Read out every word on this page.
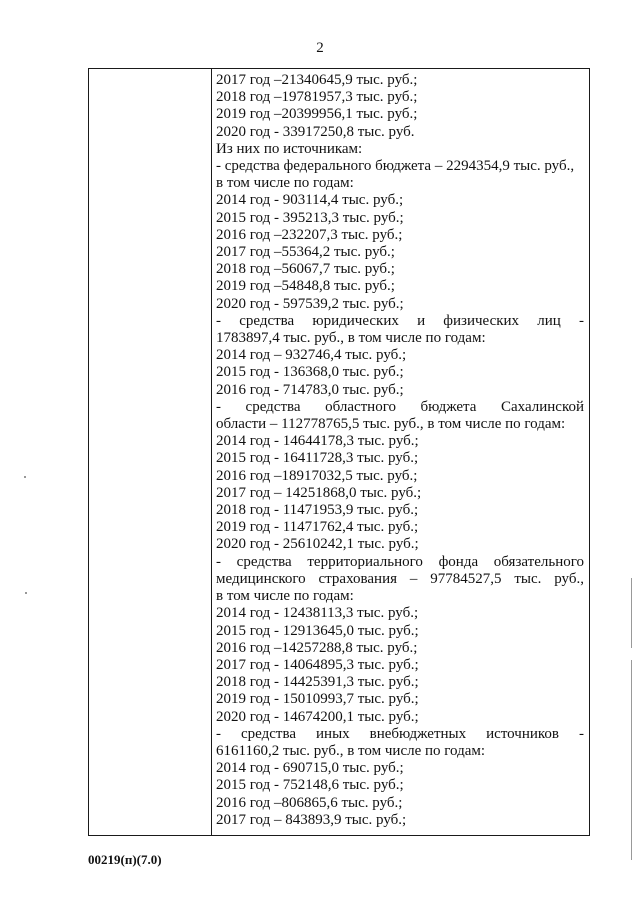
2
2017 год –21340645,9 тыс. руб.;
2018 год –19781957,3 тыс. руб.;
2019 год –20399956,1 тыс. руб.;
2020 год - 33917250,8 тыс. руб.
Из них по источникам:
- средства федерального бюджета – 2294354,9 тыс. руб.,
в том числе по годам:
2014 год - 903114,4 тыс. руб.;
2015 год - 395213,3 тыс. руб.;
2016 год –232207,3 тыс. руб.;
2017 год –55364,2 тыс. руб.;
2018 год –56067,7 тыс. руб.;
2019 год –54848,8 тыс. руб.;
2020 год - 597539,2 тыс. руб.;
- средства юридических и физических лиц -
1783897,4 тыс. руб., в том числе по годам:
2014 год – 932746,4 тыс. руб.;
2015 год - 136368,0 тыс. руб.;
2016 год - 714783,0 тыс. руб.;
- средства областного бюджета Сахалинской
области – 112778765,5 тыс. руб., в том числе по годам:
2014 год - 14644178,3 тыс. руб.;
2015 год - 16411728,3 тыс. руб.;
2016 год –18917032,5 тыс. руб.;
2017 год – 14251868,0 тыс. руб.;
2018 год - 11471953,9 тыс. руб.;
2019 год - 11471762,4 тыс. руб.;
2020 год - 25610242,1 тыс. руб.;
- средства территориального фонда обязательного
медицинского страхования – 97784527,5 тыс. руб.,
в том числе по годам:
2014 год - 12438113,3 тыс. руб.;
2015 год - 12913645,0 тыс. руб.;
2016 год –14257288,8 тыс. руб.;
2017 год - 14064895,3 тыс. руб.;
2018 год - 14425391,3 тыс. руб.;
2019 год - 15010993,7 тыс. руб.;
2020 год - 14674200,1 тыс. руб.;
- средства иных внебюджетных источников -
6161160,2 тыс. руб., в том числе по годам:
2014 год - 690715,0 тыс. руб.;
2015 год - 752148,6 тыс. руб.;
2016 год –806865,6 тыс. руб.;
2017 год – 843893,9 тыс. руб.;
00219(п)(7.0)
